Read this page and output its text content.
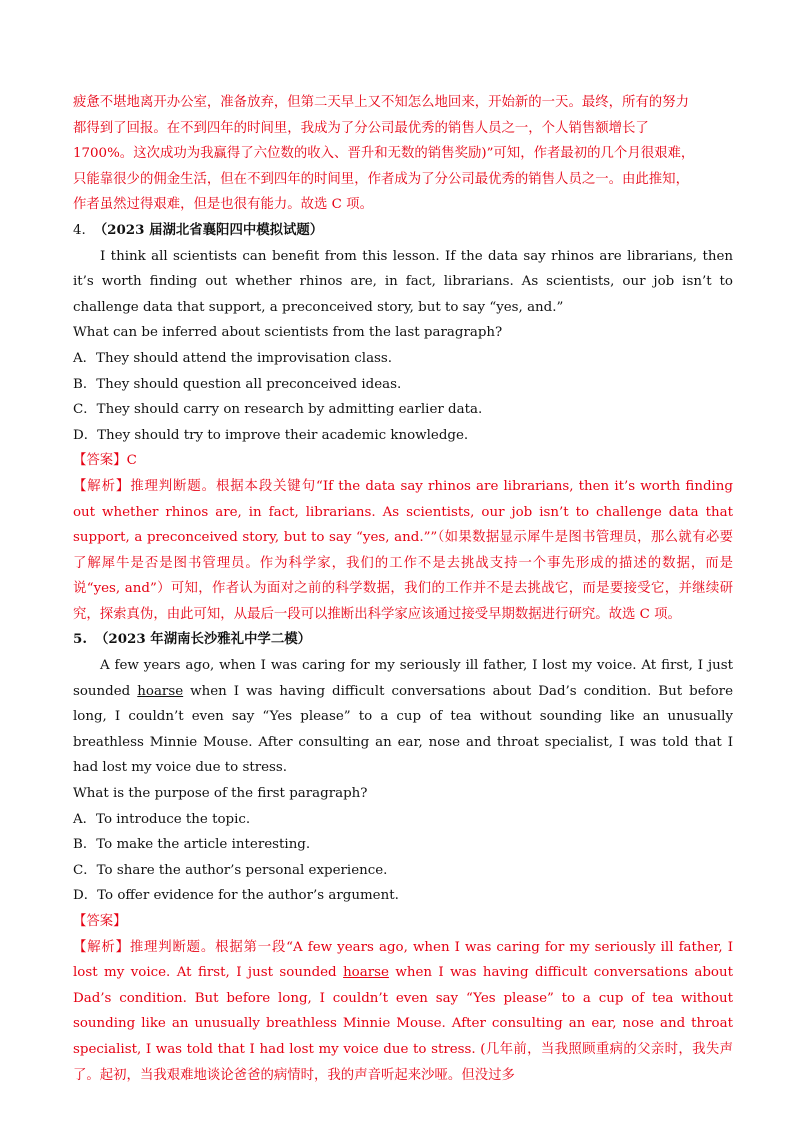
疲惫不堪地离开办公室，准备放弃，但第二天早上又不知怎么地回来，开始新的一天。最终，所有的努力

都得到了回报。在不到四年的时间里，我成为了分公司最优秀的销售人员之一，个人销售额增长了

1700%。这次成功为我赢得了六位数的收入、晋升和无数的销售奖励)”可知，作者最初的几个月很艰难，

只能靠很少的佣金生活，但在不到四年的时间里，作者成为了分公司最优秀的销售人员之一。由此推知，

作者虽然过得艰难，但是也很有能力。故选 C 项。

4. （2023 届湖北省襄阳四中模拟试题）

I think all scientists can benefit from this lesson. If the data say rhinos are librarians, then it’s worth finding out whether rhinos are, in fact, librarians. As scientists, our job isn’t to challenge data that support, a preconceived story, but to say “yes, and.”

What can be inferred about scientists from the last paragraph?

A．They should attend the improvisation class.

B．They should question all preconceived ideas.

C．They should carry on research by admitting earlier data.

D．They should try to improve their academic knowledge.

【答案】C

【解析】推理判断题。根据本段关键句“If the data say rhinos are librarians, then it’s worth finding out whether rhinos are, in fact, librarians. As scientists, our job isn’t to challenge data that support, a preconceived story, but to say “yes, and.””（如果数据显示犀牛是图书管理员，那么就有必要了解犀牛是否是图书管理员。作为科学家，我们的工作不是去挑战支持一个事先形成的描述的数据，而是说“yes, and”）可知，作者认为面对之前的科学数据，我们的工作并不是去挑战它，而是要接受它，并继续研究，探索真伪，由此可知，从最后一段可以推断出科学家应该通过接受早期数据进行研究。故选 C 项。

5. （2023 年湖南长沙雅礼中学二模）

A few years ago, when I was caring for my seriously ill father, I lost my voice. At first, I just sounded hoarse when I was having difficult conversations about Dad’s condition. But before long, I couldn’t even say “Yes please” to a cup of tea without sounding like an unusually breathless Minnie Mouse. After consulting an ear, nose and throat specialist, I was told that I had lost my voice due to stress.

What is the purpose of the first paragraph?

A．To introduce the topic.

B．To make the article interesting.

C．To share the author’s personal experience.

D．To offer evidence for the author’s argument.

【答案】

【解析】推理判断题。根据第一段“A few years ago, when I was caring for my seriously ill father, I lost my voice. At first, I just sounded hoarse when I was having difficult conversations about Dad’s condition. But before long, I couldn’t even say “Yes please” to a cup of tea without sounding like an unusually breathless Minnie Mouse. After consulting an ear, nose and throat specialist, I was told that I had lost my voice due to stress. (几年前，当我照顾重病的父亲时，我失声了。起初，当我艰难地谈论爸爸的病情时，我的声音听起来沙哑。但没过多
